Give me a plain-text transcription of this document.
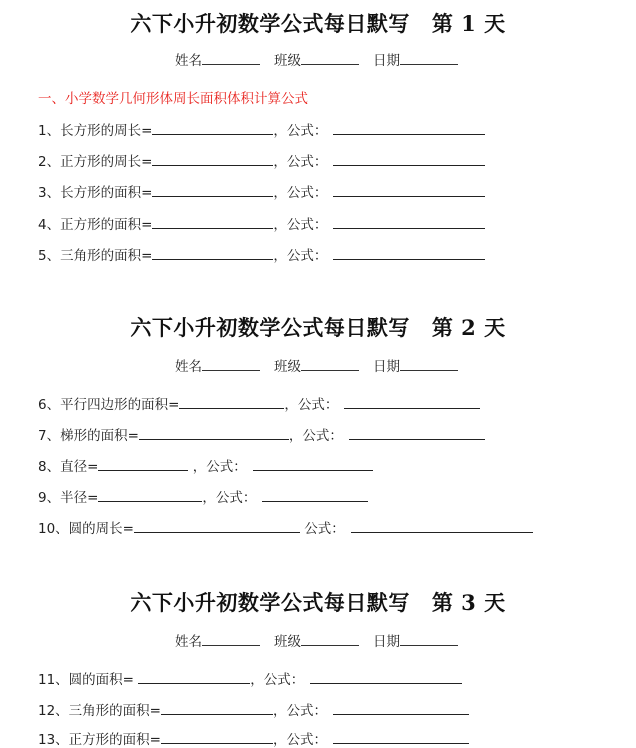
六下小升初数学公式每日默写 第 1 天
姓名	班级	日期
一、小学数学几何形体周长面积体积计算公式
1、长方形的周长=	，公式：
2、正方形的周长=	，公式：
3、长方形的面积=	，公式：
4、正方形的面积=	，公式：
5、三角形的面积=	，公式：
六下小升初数学公式每日默写 第 2 天
姓名	班级	日期
6、平行四边形的面积=	，公式：
7、梯形的面积=	，公式：
8、直径=	，公式：
9、半径=	，公式：
10、圆的周长=	公式：
六下小升初数学公式每日默写 第 3 天
姓名	班级	日期
11、圆的面积=	，公式：
12、三角形的面积=	，公式：
13、正方形的面积=	，公式：
